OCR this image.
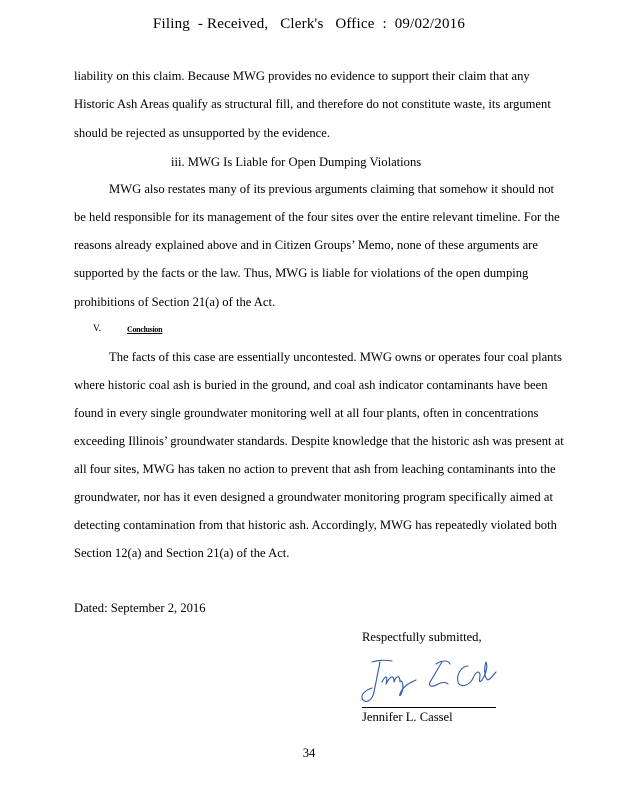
Filing  - Received,   Clerk's   Office  :  09/02/2016
liability on this claim. Because MWG provides no evidence to support their claim that any
Historic Ash Areas qualify as structural fill, and therefore do not constitute waste, its argument
should be rejected as unsupported by the evidence.
iii. MWG Is Liable for Open Dumping Violations
MWG also restates many of its previous arguments claiming that somehow it should not
be held responsible for its management of the four sites over the entire relevant timeline. For the
reasons already explained above and in Citizen Groups’ Memo, none of these arguments are
supported by the facts or the law. Thus, MWG is liable for violations of the open dumping
prohibitions of Section 21(a) of the Act.
V.	Conclusion
The facts of this case are essentially uncontested. MWG owns or operates four coal plants
where historic coal ash is buried in the ground, and coal ash indicator contaminants have been
found in every single groundwater monitoring well at all four plants, often in concentrations
exceeding Illinois’ groundwater standards. Despite knowledge that the historic ash was present at
all four sites, MWG has taken no action to prevent that ash from leaching contaminants into the
groundwater, nor has it even designed a groundwater monitoring program specifically aimed at
detecting contamination from that historic ash. Accordingly, MWG has repeatedly violated both
Section 12(a) and Section 21(a) of the Act.
Dated: September 2, 2016
Respectfully submitted,
Jennifer L. Cassel
34
